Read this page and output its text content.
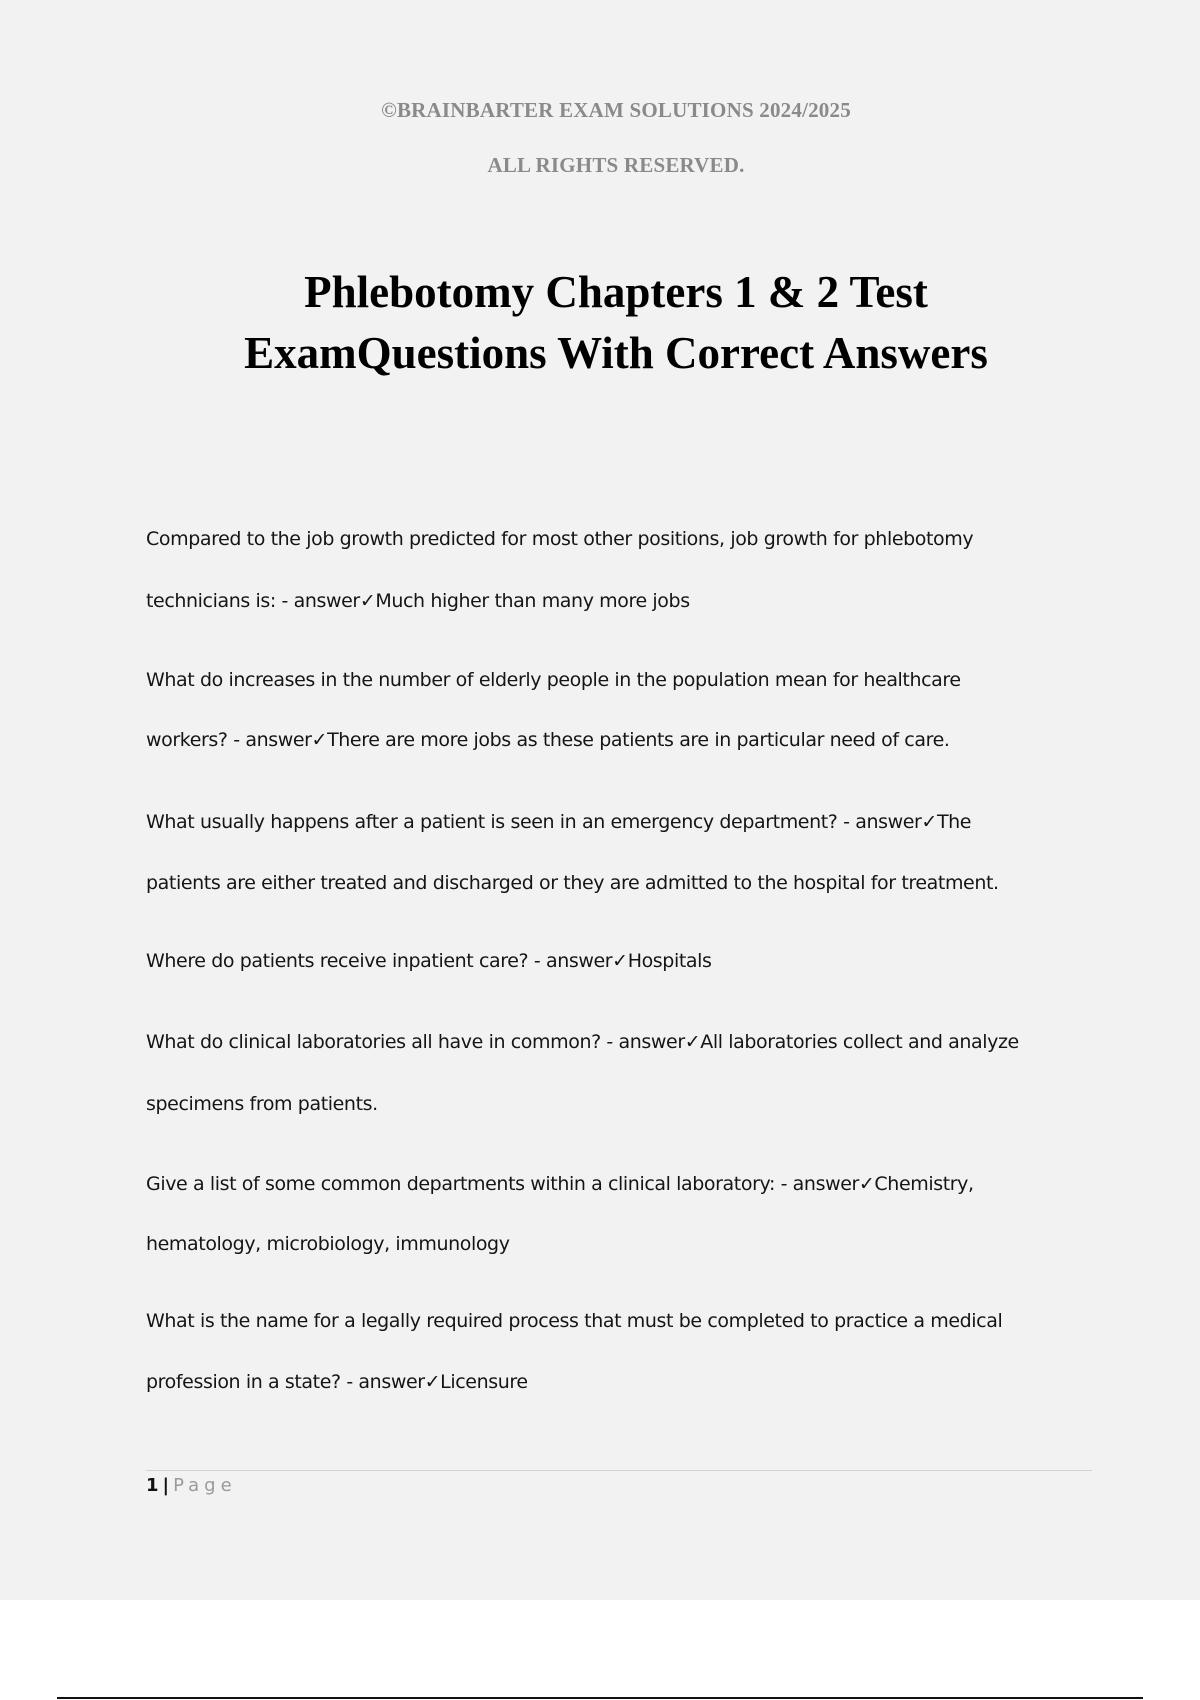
©BRAINBARTER EXAM SOLUTIONS 2024/2025
ALL RIGHTS RESERVED.
Phlebotomy Chapters 1 & 2 Test
ExamQuestions With Correct Answers
Compared to the job growth predicted for most other positions, job growth for phlebotomy
technicians is: - answer✓Much higher than many more jobs
What do increases in the number of elderly people in the population mean for healthcare
workers? - answer✓There are more jobs as these patients are in particular need of care.
What usually happens after a patient is seen in an emergency department? - answer✓The
patients are either treated and discharged or they are admitted to the hospital for treatment.
Where do patients receive inpatient care? - answer✓Hospitals
What do clinical laboratories all have in common? - answer✓All laboratories collect and analyze
specimens from patients.
Give a list of some common departments within a clinical laboratory: - answer✓Chemistry,
hematology, microbiology, immunology
What is the name for a legally required process that must be completed to practice a medical
profession in a state? - answer✓Licensure
1 | Page
